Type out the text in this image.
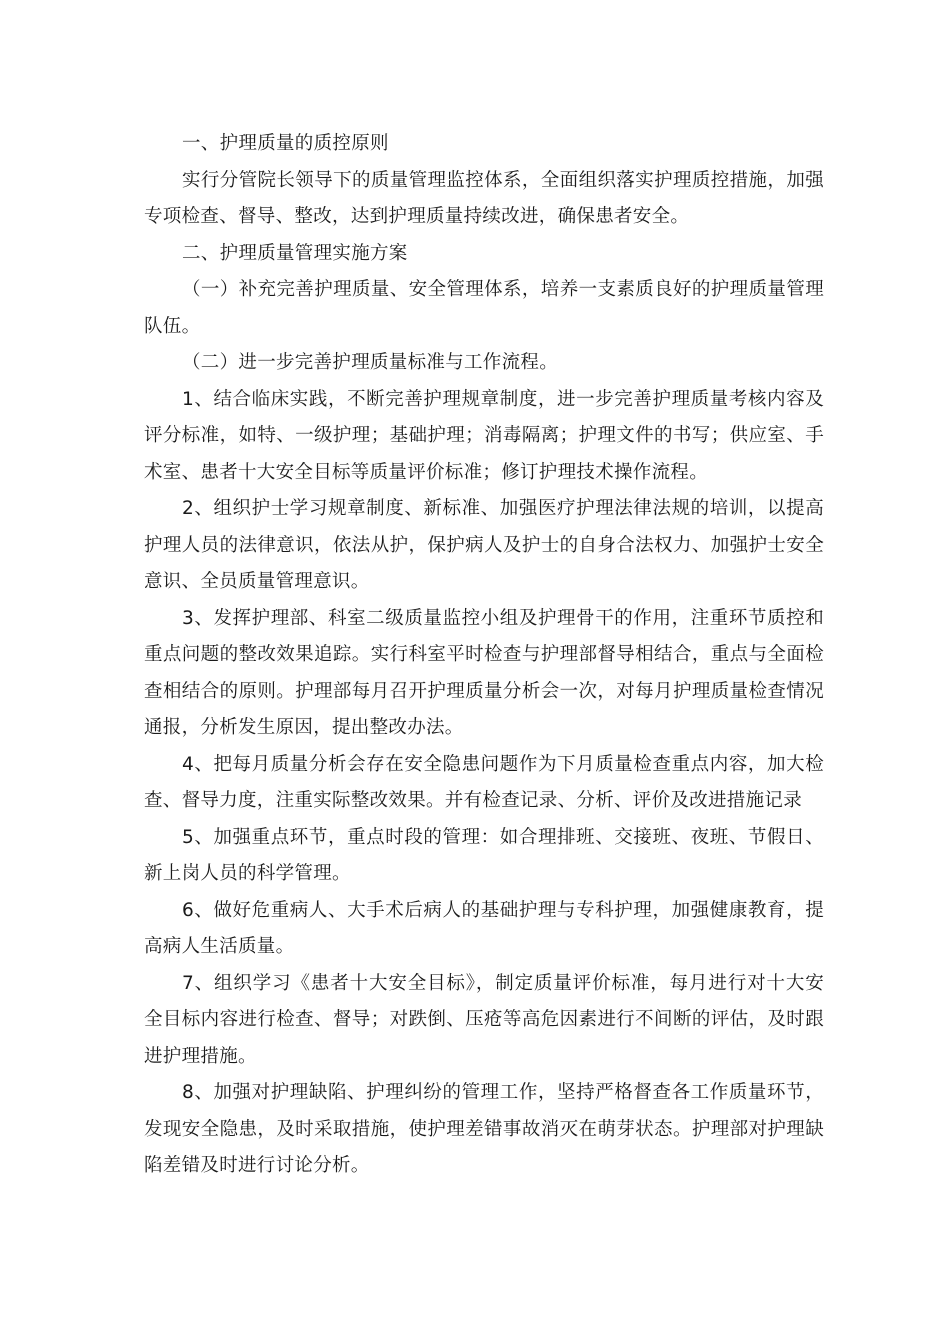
一、护理质量的质控原则

实行分管院长领导下的质量管理监控体系，全面组织落实护理质控措施，加强专项检查、督导、整改，达到护理质量持续改进，确保患者安全。

二、护理质量管理实施方案

（一）补充完善护理质量、安全管理体系，培养一支素质良好的护理质量管理队伍。

（二）进一步完善护理质量标准与工作流程。

1、结合临床实践，不断完善护理规章制度，进一步完善护理质量考核内容及评分标准，如特、一级护理；基础护理；消毒隔离；护理文件的书写；供应室、手术室、患者十大安全目标等质量评价标准；修订护理技术操作流程。

2、组织护士学习规章制度、新标准、加强医疗护理法律法规的培训，以提高护理人员的法律意识，依法从护，保护病人及护士的自身合法权力、加强护士安全意识、全员质量管理意识。

3、发挥护理部、科室二级质量监控小组及护理骨干的作用，注重环节质控和重点问题的整改效果追踪。实行科室平时检查与护理部督导相结合，重点与全面检查相结合的原则。护理部每月召开护理质量分析会一次，对每月护理质量检查情况通报，分析发生原因，提出整改办法。

4、把每月质量分析会存在安全隐患问题作为下月质量检查重点内容，加大检查、督导力度，注重实际整改效果。并有检查记录、分析、评价及改进措施记录

5、加强重点环节，重点时段的管理：如合理排班、交接班、夜班、节假日、新上岗人员的科学管理。

6、做好危重病人、大手术后病人的基础护理与专科护理，加强健康教育，提高病人生活质量。

7、组织学习《患者十大安全目标》，制定质量评价标准，每月进行对十大安全目标内容进行检查、督导；对跌倒、压疮等高危因素进行不间断的评估，及时跟进护理措施。

8、加强对护理缺陷、护理纠纷的管理工作，坚持严格督查各工作质量环节，发现安全隐患，及时采取措施，使护理差错事故消灭在萌芽状态。护理部对护理缺陷差错及时进行讨论分析。
